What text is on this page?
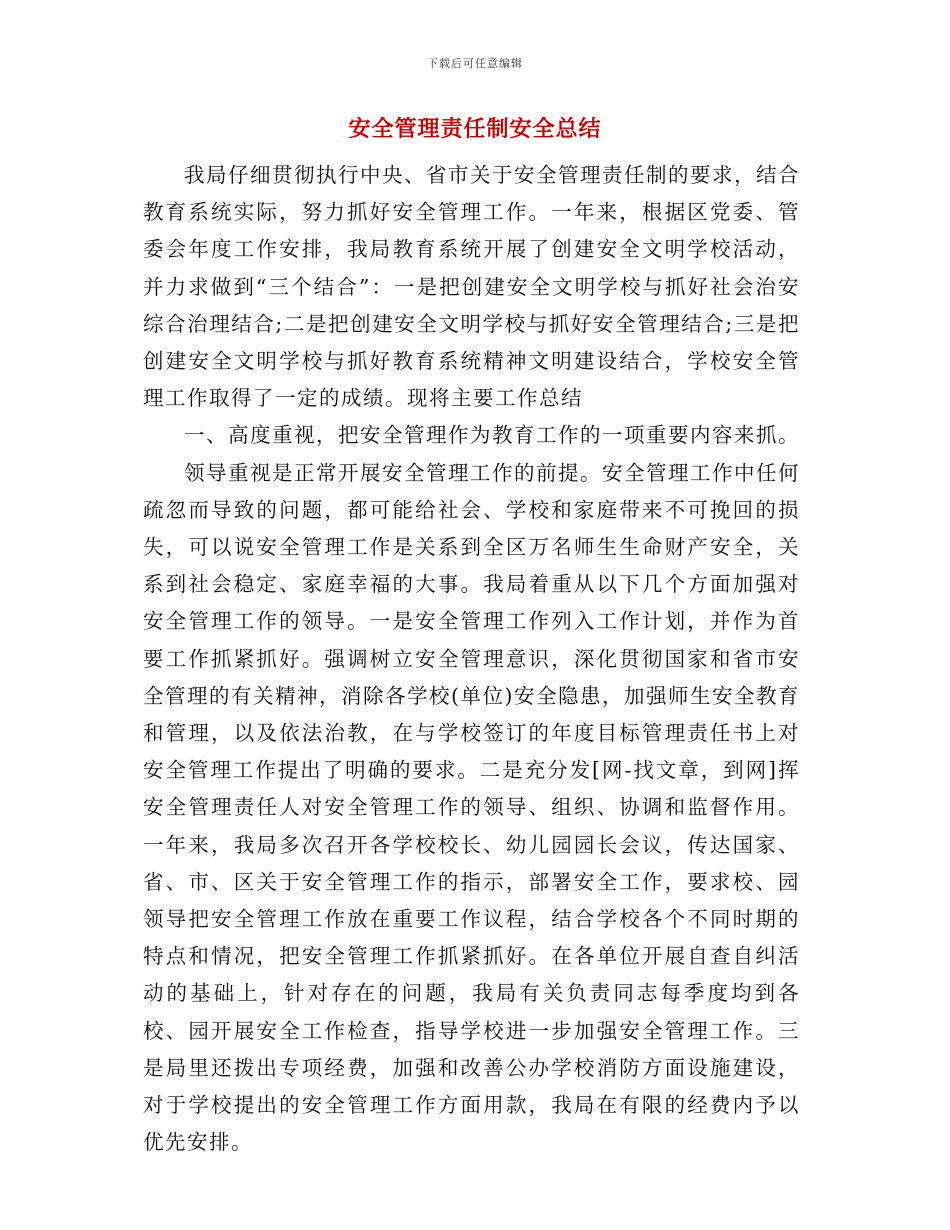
下载后可任意编辑
安全管理责任制安全总结

我局仔细贯彻执行中央、省市关于安全管理责任制的要求，结合教育系统实际，努力抓好安全管理工作。一年来，根据区党委、管委会年度工作安排，我局教育系统开展了创建安全文明学校活动，并力求做到“三个结合”：一是把创建安全文明学校与抓好社会治安综合治理结合;二是把创建安全文明学校与抓好安全管理结合;三是把创建安全文明学校与抓好教育系统精神文明建设结合，学校安全管理工作取得了一定的成绩。现将主要工作总结

一、高度重视，把安全管理作为教育工作的一项重要内容来抓。

领导重视是正常开展安全管理工作的前提。安全管理工作中任何疏忽而导致的问题，都可能给社会、学校和家庭带来不可挽回的损失，可以说安全管理工作是关系到全区万名师生生命财产安全，关系到社会稳定、家庭幸福的大事。我局着重从以下几个方面加强对安全管理工作的领导。一是安全管理工作列入工作计划，并作为首要工作抓紧抓好。强调树立安全管理意识，深化贯彻国家和省市安全管理的有关精神，消除各学校(单位)安全隐患，加强师生安全教育和管理，以及依法治教，在与学校签订的年度目标管理责任书上对安全管理工作提出了明确的要求。二是充分发[网-找文章，到网]挥安全管理责任人对安全管理工作的领导、组织、协调和监督作用。一年来，我局多次召开各学校校长、幼儿园园长会议，传达国家、省、市、区关于安全管理工作的指示，部署安全工作，要求校、园领导把安全管理工作放在重要工作议程，结合学校各个不同时期的特点和情况，把安全管理工作抓紧抓好。在各单位开展自查自纠活动的基础上，针对存在的问题，我局有关负责同志每季度均到各校、园开展安全工作检查，指导学校进一步加强安全管理工作。三是局里还拨出专项经费，加强和改善公办学校消防方面设施建设，对于学校提出的安全管理工作方面用款，我局在有限的经费内予以优先安排。
